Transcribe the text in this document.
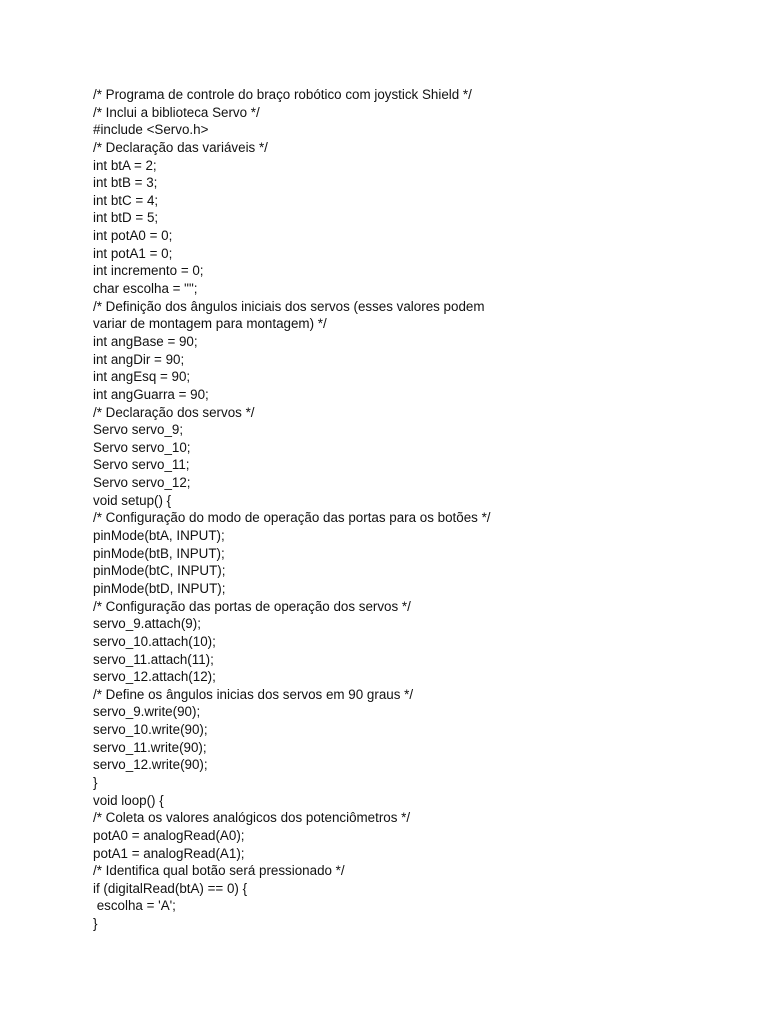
/* Programa de controle do braço robótico com joystick Shield */
/* Inclui a biblioteca Servo */
#include <Servo.h>
/* Declaração das variáveis */
int btA = 2;
int btB = 3;
int btC = 4;
int btD = 5;
int potA0 = 0;
int potA1 = 0;
int incremento = 0;
char escolha = "";
/* Definição dos ângulos iniciais dos servos (esses valores podem
variar de montagem para montagem) */
int angBase = 90;
int angDir = 90;
int angEsq = 90;
int angGuarra = 90;
/* Declaração dos servos */
Servo servo_9;
Servo servo_10;
Servo servo_11;
Servo servo_12;
void setup() {
/* Configuração do modo de operação das portas para os botões */
pinMode(btA, INPUT);
pinMode(btB, INPUT);
pinMode(btC, INPUT);
pinMode(btD, INPUT);
/* Configuração das portas de operação dos servos */
servo_9.attach(9);
servo_10.attach(10);
servo_11.attach(11);
servo_12.attach(12);
/* Define os ângulos inicias dos servos em 90 graus */
servo_9.write(90);
servo_10.write(90);
servo_11.write(90);
servo_12.write(90);
}
void loop() {
/* Coleta os valores analógicos dos potenciômetros */
potA0 = analogRead(A0);
potA1 = analogRead(A1);
/* Identifica qual botão será pressionado */
if (digitalRead(btA) == 0) {
escolha = 'A';
}
